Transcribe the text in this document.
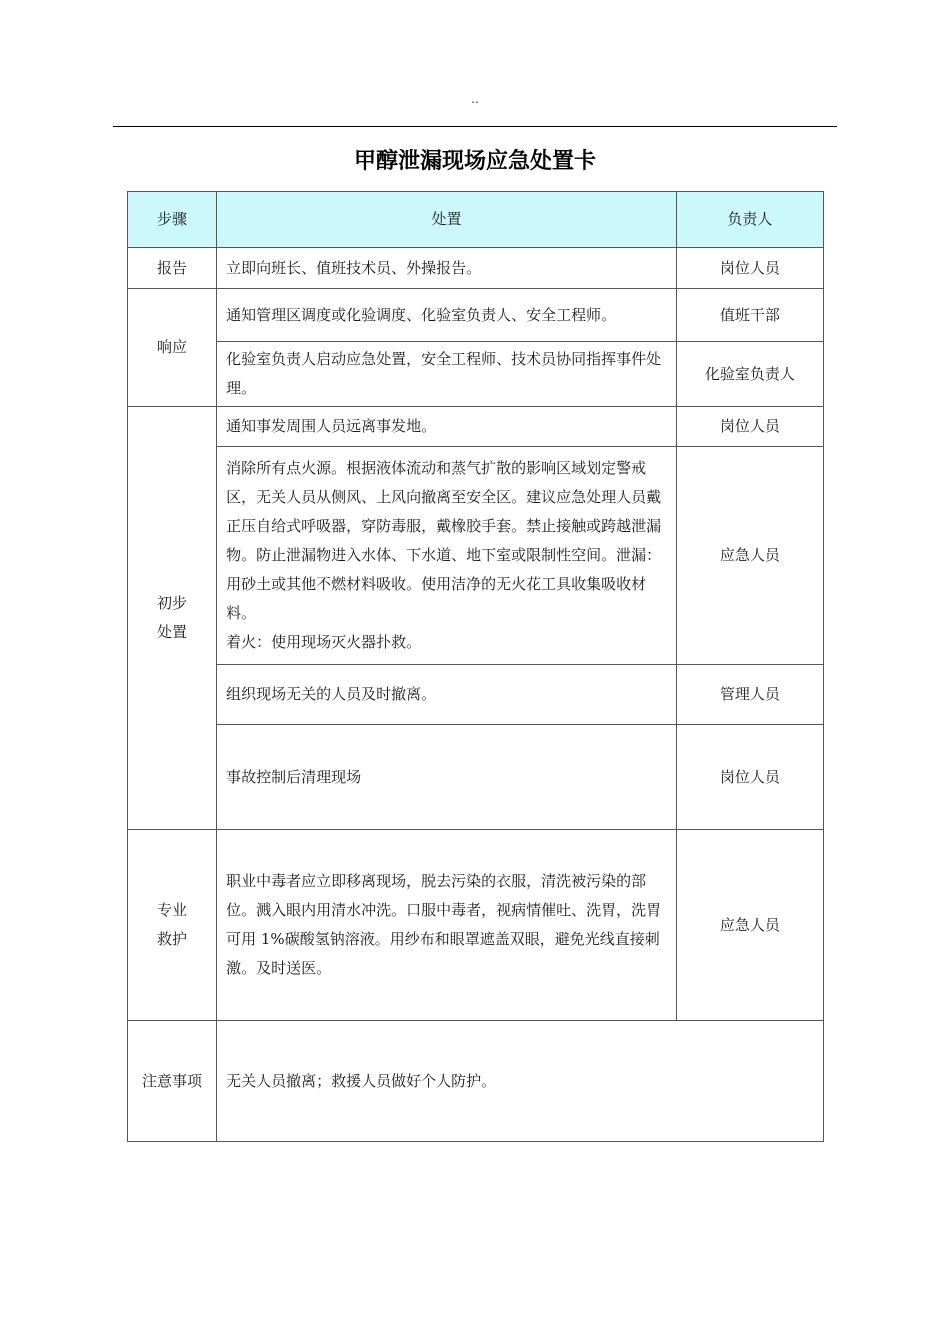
..
甲醇泄漏现场应急处置卡
步骤	处置	负责人
报告	立即向班长、值班技术员、外操报告。	岗位人员
响应	通知管理区调度或化验调度、化验室负责人、安全工程师。	值班干部
	化验室负责人启动应急处置，安全工程师、技术员协同指挥事件处理。	化验室负责人
初步处置	通知事发周围人员远离事发地。	岗位人员

	消除所有点火源。根据液体流动和蒸气扩散的影响区域划定警戒区，无关人员从侧风、上风向撤离至安全区。建议应急处理人员戴正压自给式呼吸器，穿防毒服，戴橡胶手套。禁止接触或跨越泄漏物。防止泄漏物进入水体、下水道、地下室或限制性空间。泄漏：用砂土或其他不燃材料吸收。使用洁净的无火花工具收集吸收材料。
着火：使用现场灭火器扑救。	应急人员
	组织现场无关的人员及时撤离。	管理人员
	事故控制后清理现场	岗位人员
专业救护	职业中毒者应立即移离现场，脱去污染的衣服，清洗被污染的部位。溅入眼内用清水冲洗。口服中毒者，视病情催吐、洗胃，洗胃可用 1%碳酸氢钠溶液。用纱布和眼罩遮盖双眼，避免光线直接刺激。及时送医。	应急人员
注意事项	无关人员撤离；救援人员做好个人防护。	
